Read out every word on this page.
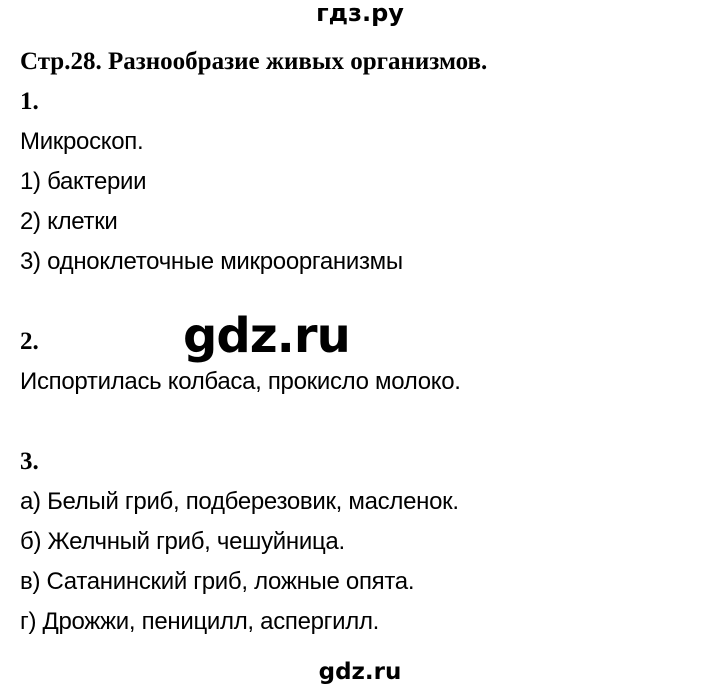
гдз.ру
Стр.28. Разнообразие живых организмов.
1.
Микроскоп.
1) бактерии
2) клетки
3) одноклеточные микроорганизмы
gdz.ru
2.
Испортилась колбаса, прокисло молоко.
3.
а) Белый гриб, подберезовик, масленок.
б) Желчный гриб, чешуйница.
в) Сатанинский гриб, ложные опята.
г) Дрожжи, пеницилл, аспергилл.
gdz.ru
